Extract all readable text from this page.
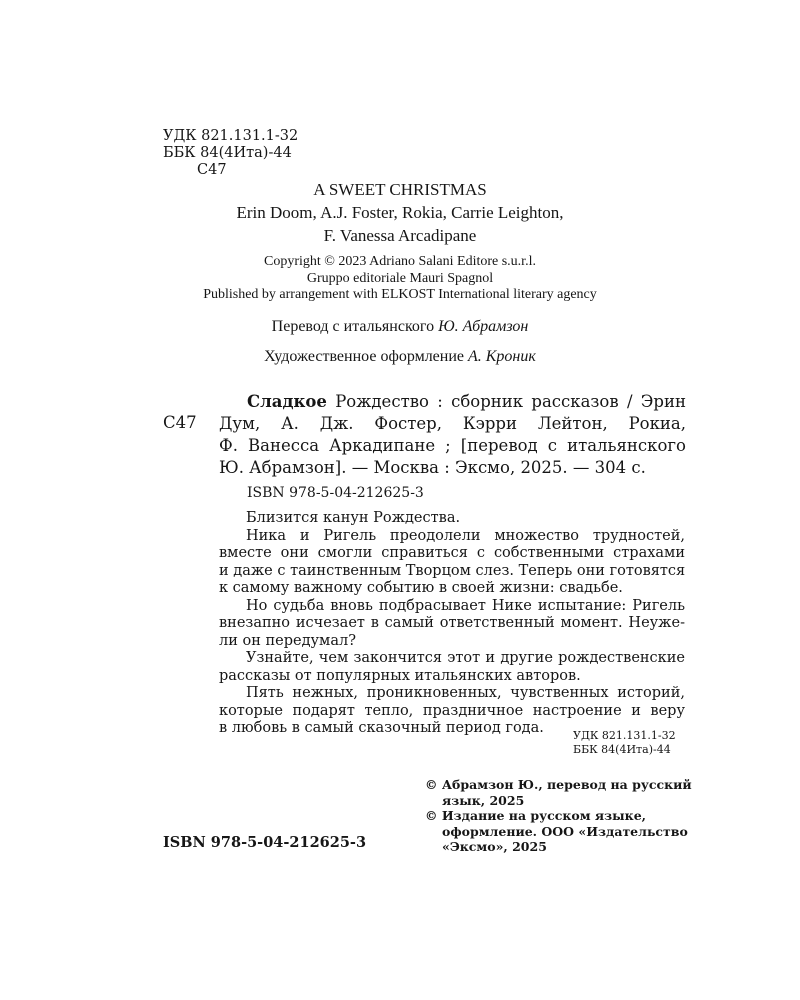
УДК 821.131.1-32
ББК 84(4Ита)-44
С47
A SWEET CHRISTMAS
Erin Doom, A.J. Foster, Rokia, Carrie Leighton,
F. Vanessa Arcadipane
Copyright © 2023 Adriano Salani Editore s.u.r.l.
Gruppo editoriale Mauri Spagnol
Published by arrangement with ELKOST International literary agency
Перевод с итальянского Ю. Абрамзон
Художественное оформление А. Кроник
С47
Сладкое Рождество : сборник рассказов / Эрин
Дум, А. Дж. Фостер, Кэрри Лейтон, Рокиа,
Ф. Ванесса Аркадипане ; [перевод с итальянского
Ю. Абрамзон]. — Москва : Эксмо, 2025. — 304 с.
ISBN 978-5-04-212625-3
Близится канун Рождества.
Ника и Ригель преодолели множество трудностей,
вместе они смогли справиться с собственными страхами
и даже с таинственным Творцом слез. Теперь они готовятся
к самому важному событию в своей жизни: свадьбе.
Но судьба вновь подбрасывает Нике испытание: Ригель
внезапно исчезает в самый ответственный момент. Неуже-
ли он передумал?
Узнайте, чем закончится этот и другие рождественские
рассказы от популярных итальянских авторов.
Пять нежных, проникновенных, чувственных историй,
которые подарят тепло, праздничное настроение и веру
в любовь в самый сказочный период года.	УДК 821.131.1-32
ББК 84(4Ита)-44
© Абрамзон Ю., перевод на русский
язык, 2025
© Издание на русском языке,
оформление. ООО «Издательство
«Эксмо», 2025
ISBN 978-5-04-212625-3
